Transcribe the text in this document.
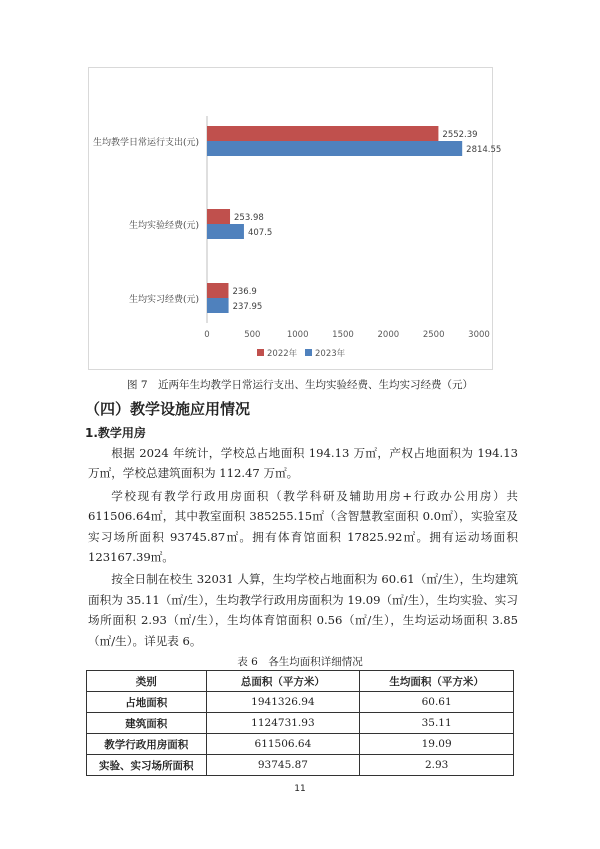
生均教学日常运行支出(元)
生均实验经费(元)
生均实习经费(元)
2552.39
253.98
236.9
2814.55
407.5
237.95
0	500	1000	1500	2000	2500	3000
2022年 2023年
图 7　近两年生均教学日常运行支出、生均实验经费、生均实习经费（元）
（四）教学设施应用情况
1.教学用房

根据 2024 年统计，学校总占地面积 194.13 万㎡，产权占地面积为 194.13 万㎡，学校总建筑面积为 112.47 万㎡。

学校现有教学行政用房面积（教学科研及辅助用房+行政办公用房）共 611506.64㎡，其中教室面积 385255.15㎡（含智慧教室面积 0.0㎡），实验室及实习场所面积 93745.87㎡。拥有体育馆面积 17825.92㎡。拥有运动场面积 123167.39㎡。

按全日制在校生 32031 人算，生均学校占地面积为 60.61（㎡/生），生均建筑面积为 35.11（㎡/生），生均教学行政用房面积为 19.09（㎡/生），生均实验、实习场所面积 2.93（㎡/生），生均体育馆面积 0.56（㎡/生），生均运动场面积 3.85（㎡/生）。详见表 6。

表 6　各生均面积详细情况
类别	总面积（平方米）	生均面积（平方米）
占地面积	1941326.94	60.61
建筑面积	1124731.93	35.11
教学行政用房面积	611506.64	19.09
实验、实习场所面积	93745.87	2.93
11
